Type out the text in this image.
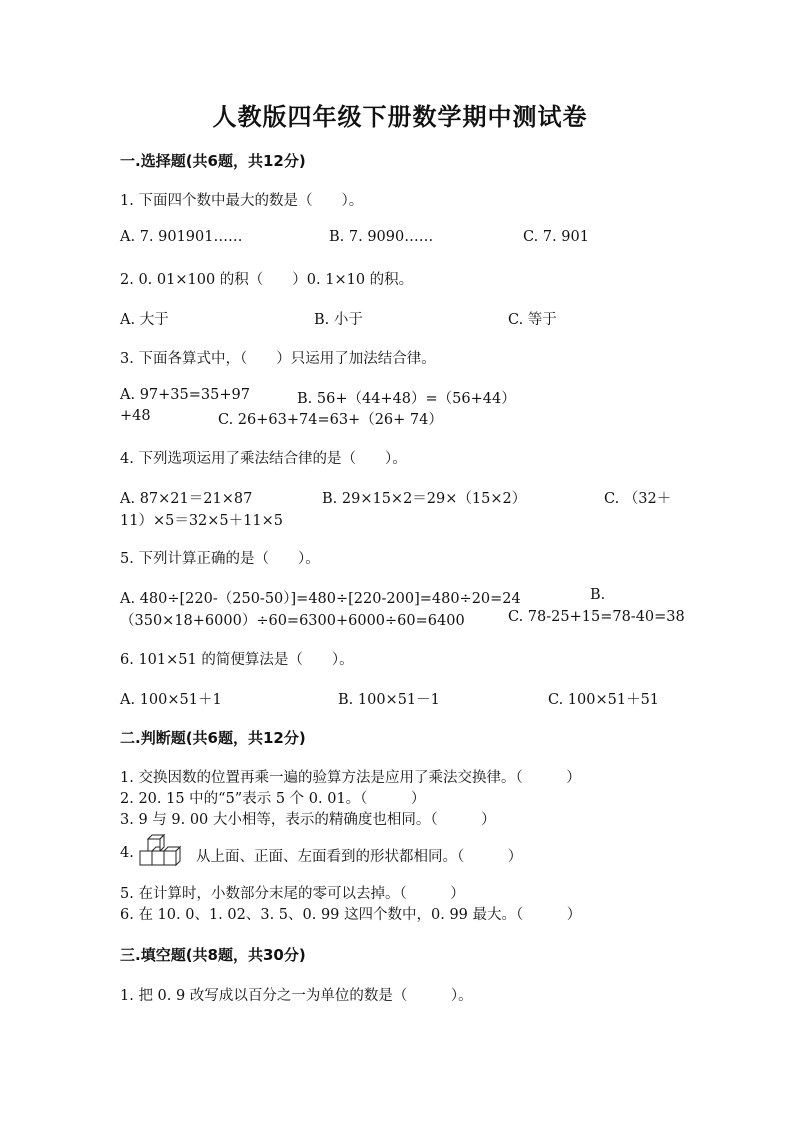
人教版四年级下册数学期中测试卷
一.选择题(共6题，共12分)
1. 下面四个数中最大的数是（　　）。
A. 7. 901901……	B. 7. 9090……	C. 7. 901
2. 0. 01×100 的积（　　）0. 1×10 的积。
A. 大于	B. 小于	C. 等于
3. 下面各算式中，（　　）只运用了加法结合律。
A. 97+35=35+97	B. 56+（44+48）=（56+44）
+48	C. 26+63+74=63+（26+ 74）
4. 下列选项运用了乘法结合律的是（　　）。
A. 87×21＝21×87	B. 29×15×2＝29×（15×2）	C. （32＋
11）×5＝32×5＋11×5
5. 下列计算正确的是（　　）。
A. 480÷[220-（250-50）]=480÷[220-200]=480÷20=24	B.
（350×18+6000）÷60=6300+6000÷60=6400	C. 78-25+15=78-40=38
6. 101×51 的简便算法是（　　）。
A. 100×51＋1	B. 100×51－1	C. 100×51＋51
二.判断题(共6题，共12分)
1. 交换因数的位置再乘一遍的验算方法是应用了乘法交换律。（　　　）
2. 20. 15 中的“5”表示 5 个 0. 01。（　　　）
3. 9 与 9. 00 大小相等，表示的精确度也相同。（　　　）
4.	从上面、正面、左面看到的形状都相同。（　　　）
5. 在计算时，小数部分末尾的零可以去掉。（　　　）
6. 在 10. 0、1. 02、3. 5、0. 99 这四个数中，0. 99 最大。（　　　）
三.填空题(共8题，共30分)
1. 把 0. 9 改写成以百分之一为单位的数是（　　　）。
